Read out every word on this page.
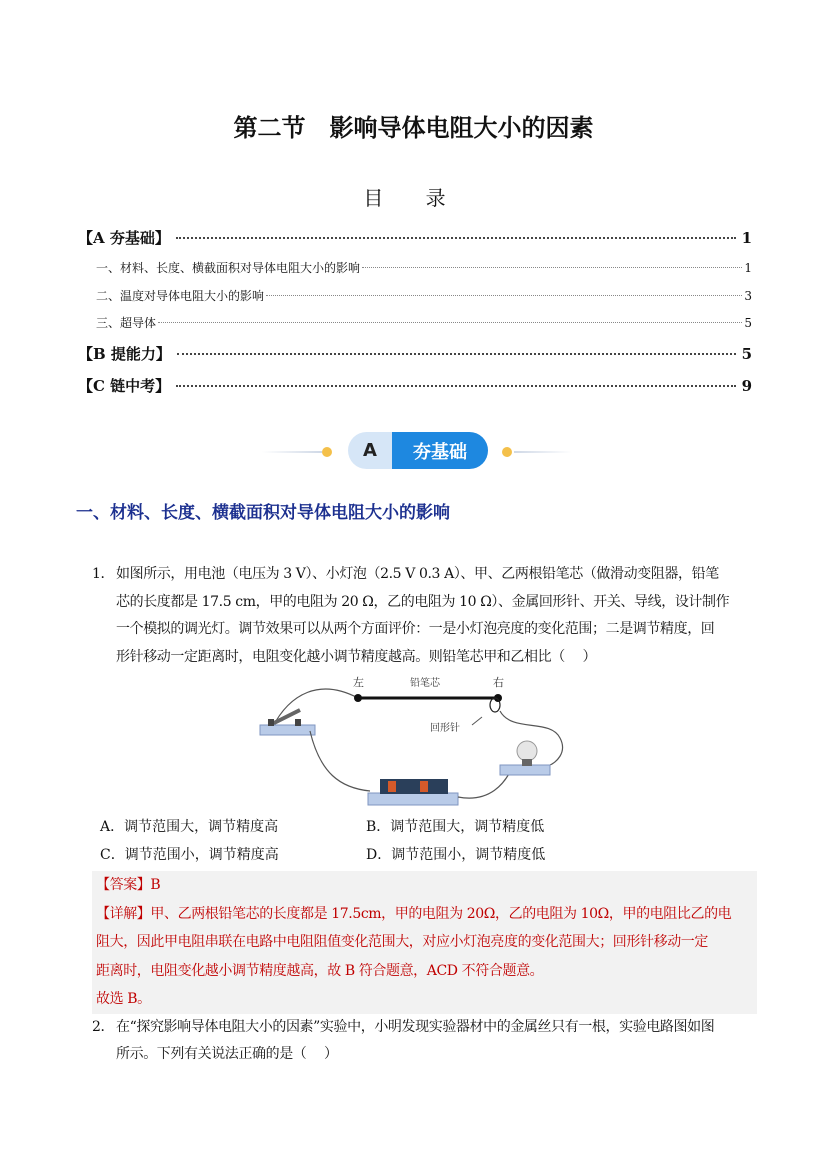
第二节　影响导体电阻大小的因素
目 录
【A 夯基础】	1
一、材料、长度、横截面积对导体电阻大小的影响	1
二、温度对导体电阻大小的影响	3
三、超导体	5
【B 提能力】	5
【C 链中考】	9
A	夯基础
一、材料、长度、横截面积对导体电阻大小的影响
1． 如图所示，用电池（电压为 3 V）、小灯泡（2.5 V 0.3 A）、甲、乙两根铅笔芯（做滑动变阻器，铅笔
芯的长度都是 17.5 cm，甲的电阻为 20 Ω，乙的电阻为 10 Ω）、金属回形针、开关、导线，设计制作
一个模拟的调光灯。调节效果可以从两个方面评价：一是小灯泡亮度的变化范围；二是调节精度，回
形针移动一定距离时，电阻变化越小调节精度越高。则铅笔芯甲和乙相比（　 ）
左	铅笔芯	右
回形针
A．调节范围大，调节精度高	B．调节范围大，调节精度低
C．调节范围小，调节精度高	D．调节范围小，调节精度低
【答案】B
【详解】甲、乙两根铅笔芯的长度都是 17.5cm，甲的电阻为 20Ω，乙的电阻为 10Ω，甲的电阻比乙的电
阻大，因此甲电阻串联在电路中电阻阻值变化范围大，对应小灯泡亮度的变化范围大；回形针移动一定
距离时，电阻变化越小调节精度越高，故 B 符合题意，ACD 不符合题意。
故选 B。
2． 在“探究影响导体电阻大小的因素”实验中，小明发现实验器材中的金属丝只有一根，实验电路图如图
所示。下列有关说法正确的是（　 ）
